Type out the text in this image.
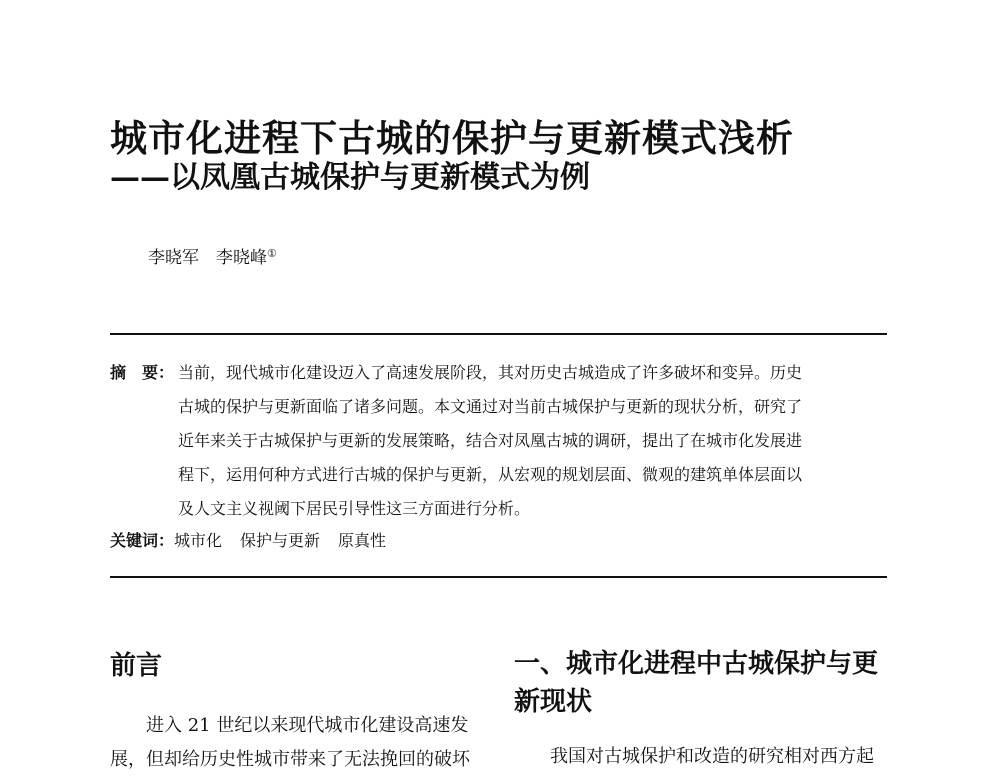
城市化进程下古城的保护与更新模式浅析
——以凤凰古城保护与更新模式为例
李晓军　李晓峰①
摘　要： 当前，现代城市化建设迈入了高速发展阶段，其对历史古城造成了许多破坏和变异。历史
古城的保护与更新面临了诸多问题。本文通过对当前古城保护与更新的现状分析，研究了
近年来关于古城保护与更新的发展策略，结合对凤凰古城的调研，提出了在城市化发展进
程下，运用何种方式进行古城的保护与更新，从宏观的规划层面、微观的建筑单体层面以
及人文主义视阈下居民引导性这三方面进行分析。
关键词：城市化 保护与更新 原真性
前言
进入 21 世纪以来现代城市化建设高速发
展，但却给历史性城市带来了无法挽回的破坏
一、城市化进程中古城保护与更新现状
我国对古城保护和改造的研究相对西方起
